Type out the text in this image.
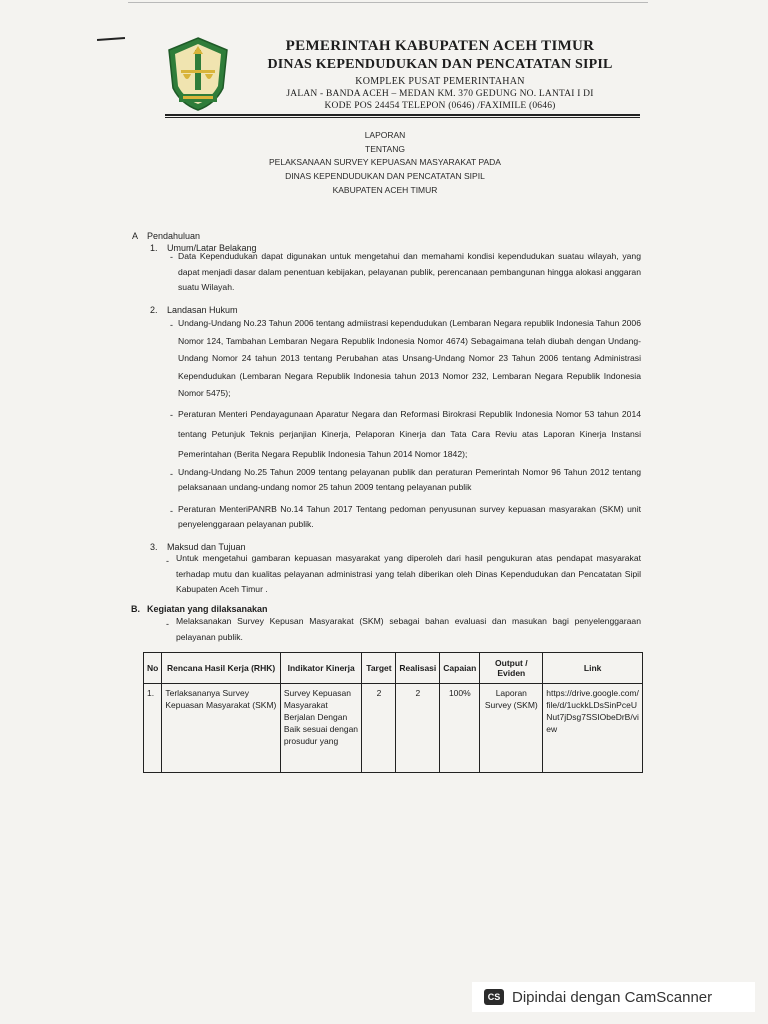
PEMERINTAH KABUPATEN ACEH TIMUR
DINAS KEPENDUDUKAN DAN PENCATATAN SIPIL
KOMPLEK PUSAT PEMERINTAHAN
JALAN - BANDA ACEH – MEDAN KM. 370 GEDUNG NO. LANTAI I DI
KODE POS 24454 TELEPON (0646) /FAXIMILE (0646)
LAPORAN
TENTANG
PELAKSANAAN SURVEY KEPUASAN MASYARAKAT PADA
DINAS KEPENDUDUKAN DAN PENCATATAN SIPIL
KABUPATEN ACEH TIMUR
A Pendahuluan
1. Umum/Latar Belakang
- Data Kependudukan dapat digunakan untuk mengetahui dan memahami kondisi kependudukan suatau wilayah, yang dapat menjadi dasar dalam penentuan kebijakan, pelayanan publik, perencanaan pembangunan hingga alokasi anggaran suatu Wilayah.
2. Landasan Hukum
- Undang-Undang No.23 Tahun 2006 tentang admiistrasi kependudukan (Lembaran Negara republik Indonesia Tahun 2006 Nomor 124, Tambahan Lembaran Negara Republik Indonesia Nomor 4674) Sebagaimana telah diubah dengan Undang-Undang Nomor 24 tahun 2013 tentang Perubahan atas Unsang-Undang Nomor 23 Tahun 2006 tentang Administrasi Kependudukan (Lembaran Negara Republik Indonesia tahun 2013 Nomor 232, Lembaran Negara Republik Indonesia Nomor 5475);
- Peraturan Menteri Pendayagunaan Aparatur Negara dan Reformasi Birokrasi Republik Indonesia Nomor 53 tahun 2014 tentang Petunjuk Teknis perjanjian Kinerja, Pelaporan Kinerja dan Tata Cara Reviu atas Laporan Kinerja Instansi Pemerintahan (Berita Negara Republik Indonesia Tahun 2014 Nomor 1842);
- Undang-Undang No.25 Tahun 2009 tentang pelayanan publik dan peraturan Pemerintah Nomor 96 Tahun 2012 tentang pelaksanaan undang-undang nomor 25 tahun 2009 tentang pelayanan publik
- Peraturan MenteriPANRB No.14 Tahun 2017 Tentang pedoman penyusunan survey kepuasan masyarakan (SKM) unit penyelenggaraan pelayanan publik.
3. Maksud dan Tujuan
- Untuk mengetahui gambaran kepuasan masyarakat yang diperoleh dari hasil pengukuran atas pendapat masyarakat terhadap mutu dan kualitas pelayanan administrasi yang telah diberikan oleh Dinas Kependudukan dan Pencatatan Sipil Kabupaten Aceh Timur .
B. Kegiatan yang dilaksanakan
- Melaksanakan Survey Kepusan Masyarakat (SKM) sebagai bahan evaluasi dan masukan bagi penyelenggaraan pelayanan publik.
No	Rencana Hasil Kerja (RHK)	Indikator Kinerja	Target	Realisasi	Capaian	Output / Eviden	Link
1.	Terlaksananya Survey Kepuasan Masyarakat (SKM)	Survey Kepuasan Masyarakat Berjalan Dengan Baik sesuai dengan prosudur yang	2	2	100%	Laporan Survey (SKM)	https://drive.google.com/file/d/1uckkLDsSinPceUNut7jDsg7SSIObeDrB/view
CS Dipindai dengan CamScanner
